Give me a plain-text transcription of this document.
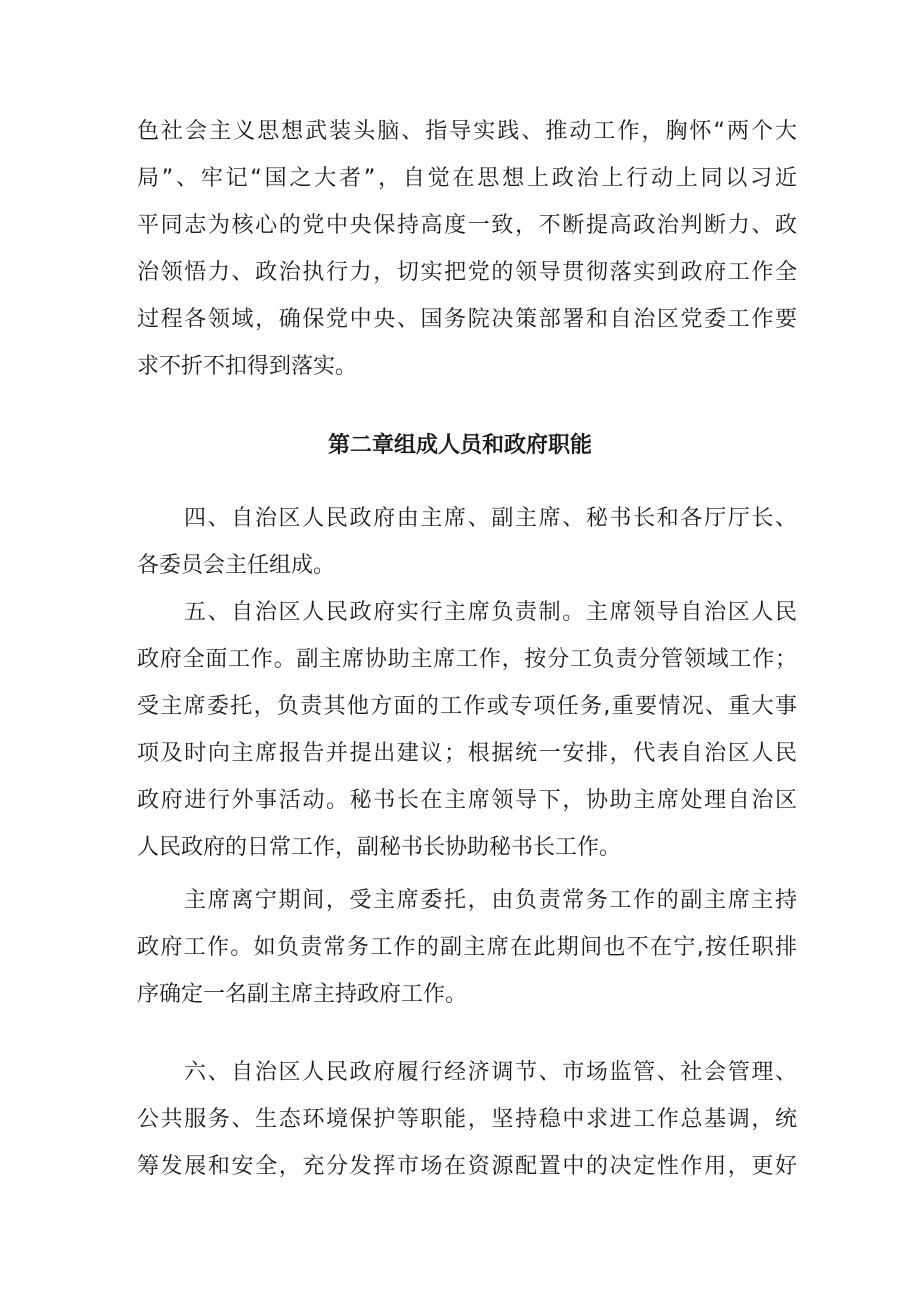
色社会主义思想武装头脑、指导实践、推动工作，胸怀“两个大

局”、牢记“国之大者”，自觉在思想上政治上行动上同以习近

平同志为核心的党中央保持高度一致，不断提高政治判断力、政

治领悟力、政治执行力，切实把党的领导贯彻落实到政府工作全

过程各领域，确保党中央、国务院决策部署和自治区党委工作要

求不折不扣得到落实。

第二章组成人员和政府职能

四、自治区人民政府由主席、副主席、秘书长和各厅厅长、

各委员会主任组成。

五、自治区人民政府实行主席负责制。主席领导自治区人民

政府全面工作。副主席协助主席工作，按分工负责分管领域工作；

受主席委托，负责其他方面的工作或专项任务,重要情况、重大事

项及时向主席报告并提出建议；根据统一安排，代表自治区人民

政府进行外事活动。秘书长在主席领导下，协助主席处理自治区

人民政府的日常工作，副秘书长协助秘书长工作。

主席离宁期间，受主席委托，由负责常务工作的副主席主持

政府工作。如负责常务工作的副主席在此期间也不在宁,按任职排

序确定一名副主席主持政府工作。

六、自治区人民政府履行经济调节、市场监管、社会管理、

公共服务、生态环境保护等职能，坚持稳中求进工作总基调，统

筹发展和安全，充分发挥市场在资源配置中的决定性作用，更好
